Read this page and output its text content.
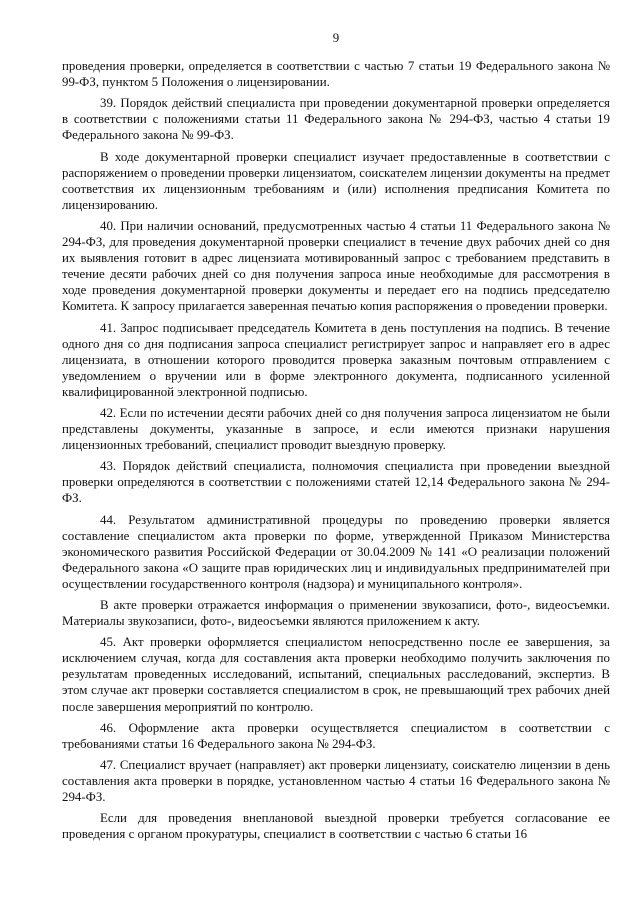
9

проведения проверки, определяется в соответствии с частью 7 статьи 19 Федерального закона № 99-ФЗ, пунктом 5 Положения о лицензировании.

39. Порядок действий специалиста при проведении документарной проверки определяется в соответствии с положениями статьи 11 Федерального закона № 294-ФЗ, частью 4 статьи 19 Федерального закона № 99-ФЗ.

В ходе документарной проверки специалист изучает предоставленные в соответствии с распоряжением о проведении проверки лицензиатом, соискателем лицензии документы на предмет соответствия их лицензионным требованиям и (или) исполнения предписания Комитета по лицензированию.

40. При наличии оснований, предусмотренных частью 4 статьи 11 Федерального закона № 294-ФЗ, для проведения документарной проверки специалист в течение двух рабочих дней со дня их выявления готовит в адрес лицензиата мотивированный запрос с требованием представить в течение десяти рабочих дней со дня получения запроса иные необходимые для рассмотрения в ходе проведения документарной проверки документы и передает его на подпись председателю Комитета. К запросу прилагается заверенная печатью копия распоряжения о проведении проверки.

41. Запрос подписывает председатель Комитета в день поступления на подпись. В течение одного дня со дня подписания запроса специалист регистрирует запрос и направляет его в адрес лицензиата, в отношении которого проводится проверка заказным почтовым отправлением с уведомлением о вручении или в форме электронного документа, подписанного усиленной квалифицированной электронной подписью.

42. Если по истечении десяти рабочих дней со дня получения запроса лицензиатом не были представлены документы, указанные в запросе, и если имеются признаки нарушения лицензионных требований, специалист проводит выездную проверку.

43. Порядок действий специалиста, полномочия специалиста при проведении выездной проверки определяются в соответствии с положениями статей 12,14 Федерального закона № 294-ФЗ.

44. Результатом административной процедуры по проведению проверки является составление специалистом акта проверки по форме, утвержденной Приказом Министерства экономического развития Российской Федерации от 30.04.2009 № 141 «О реализации положений Федерального закона «О защите прав юридических лиц и индивидуальных предпринимателей при осуществлении государственного контроля (надзора) и муниципального контроля».

В акте проверки отражается информация о применении звукозаписи, фото-, видеосъемки. Материалы звукозаписи, фото-, видеосъемки являются приложением к акту.

45. Акт проверки оформляется специалистом непосредственно после ее завершения, за исключением случая, когда для составления акта проверки необходимо получить заключения по результатам проведенных исследований, испытаний, специальных расследований, экспертиз. В этом случае акт проверки составляется специалистом в срок, не превышающий трех рабочих дней после завершения мероприятий по контролю.

46. Оформление акта проверки осуществляется специалистом в соответствии с требованиями статьи 16 Федерального закона № 294-ФЗ.

47. Специалист вручает (направляет) акт проверки лицензиату, соискателю лицензии в день составления акта проверки в порядке, установленном частью 4 статьи 16 Федерального закона № 294-ФЗ.

Если для проведения внеплановой выездной проверки требуется согласование ее проведения с органом прокуратуры, специалист в соответствии с частью 6 статьи 16
